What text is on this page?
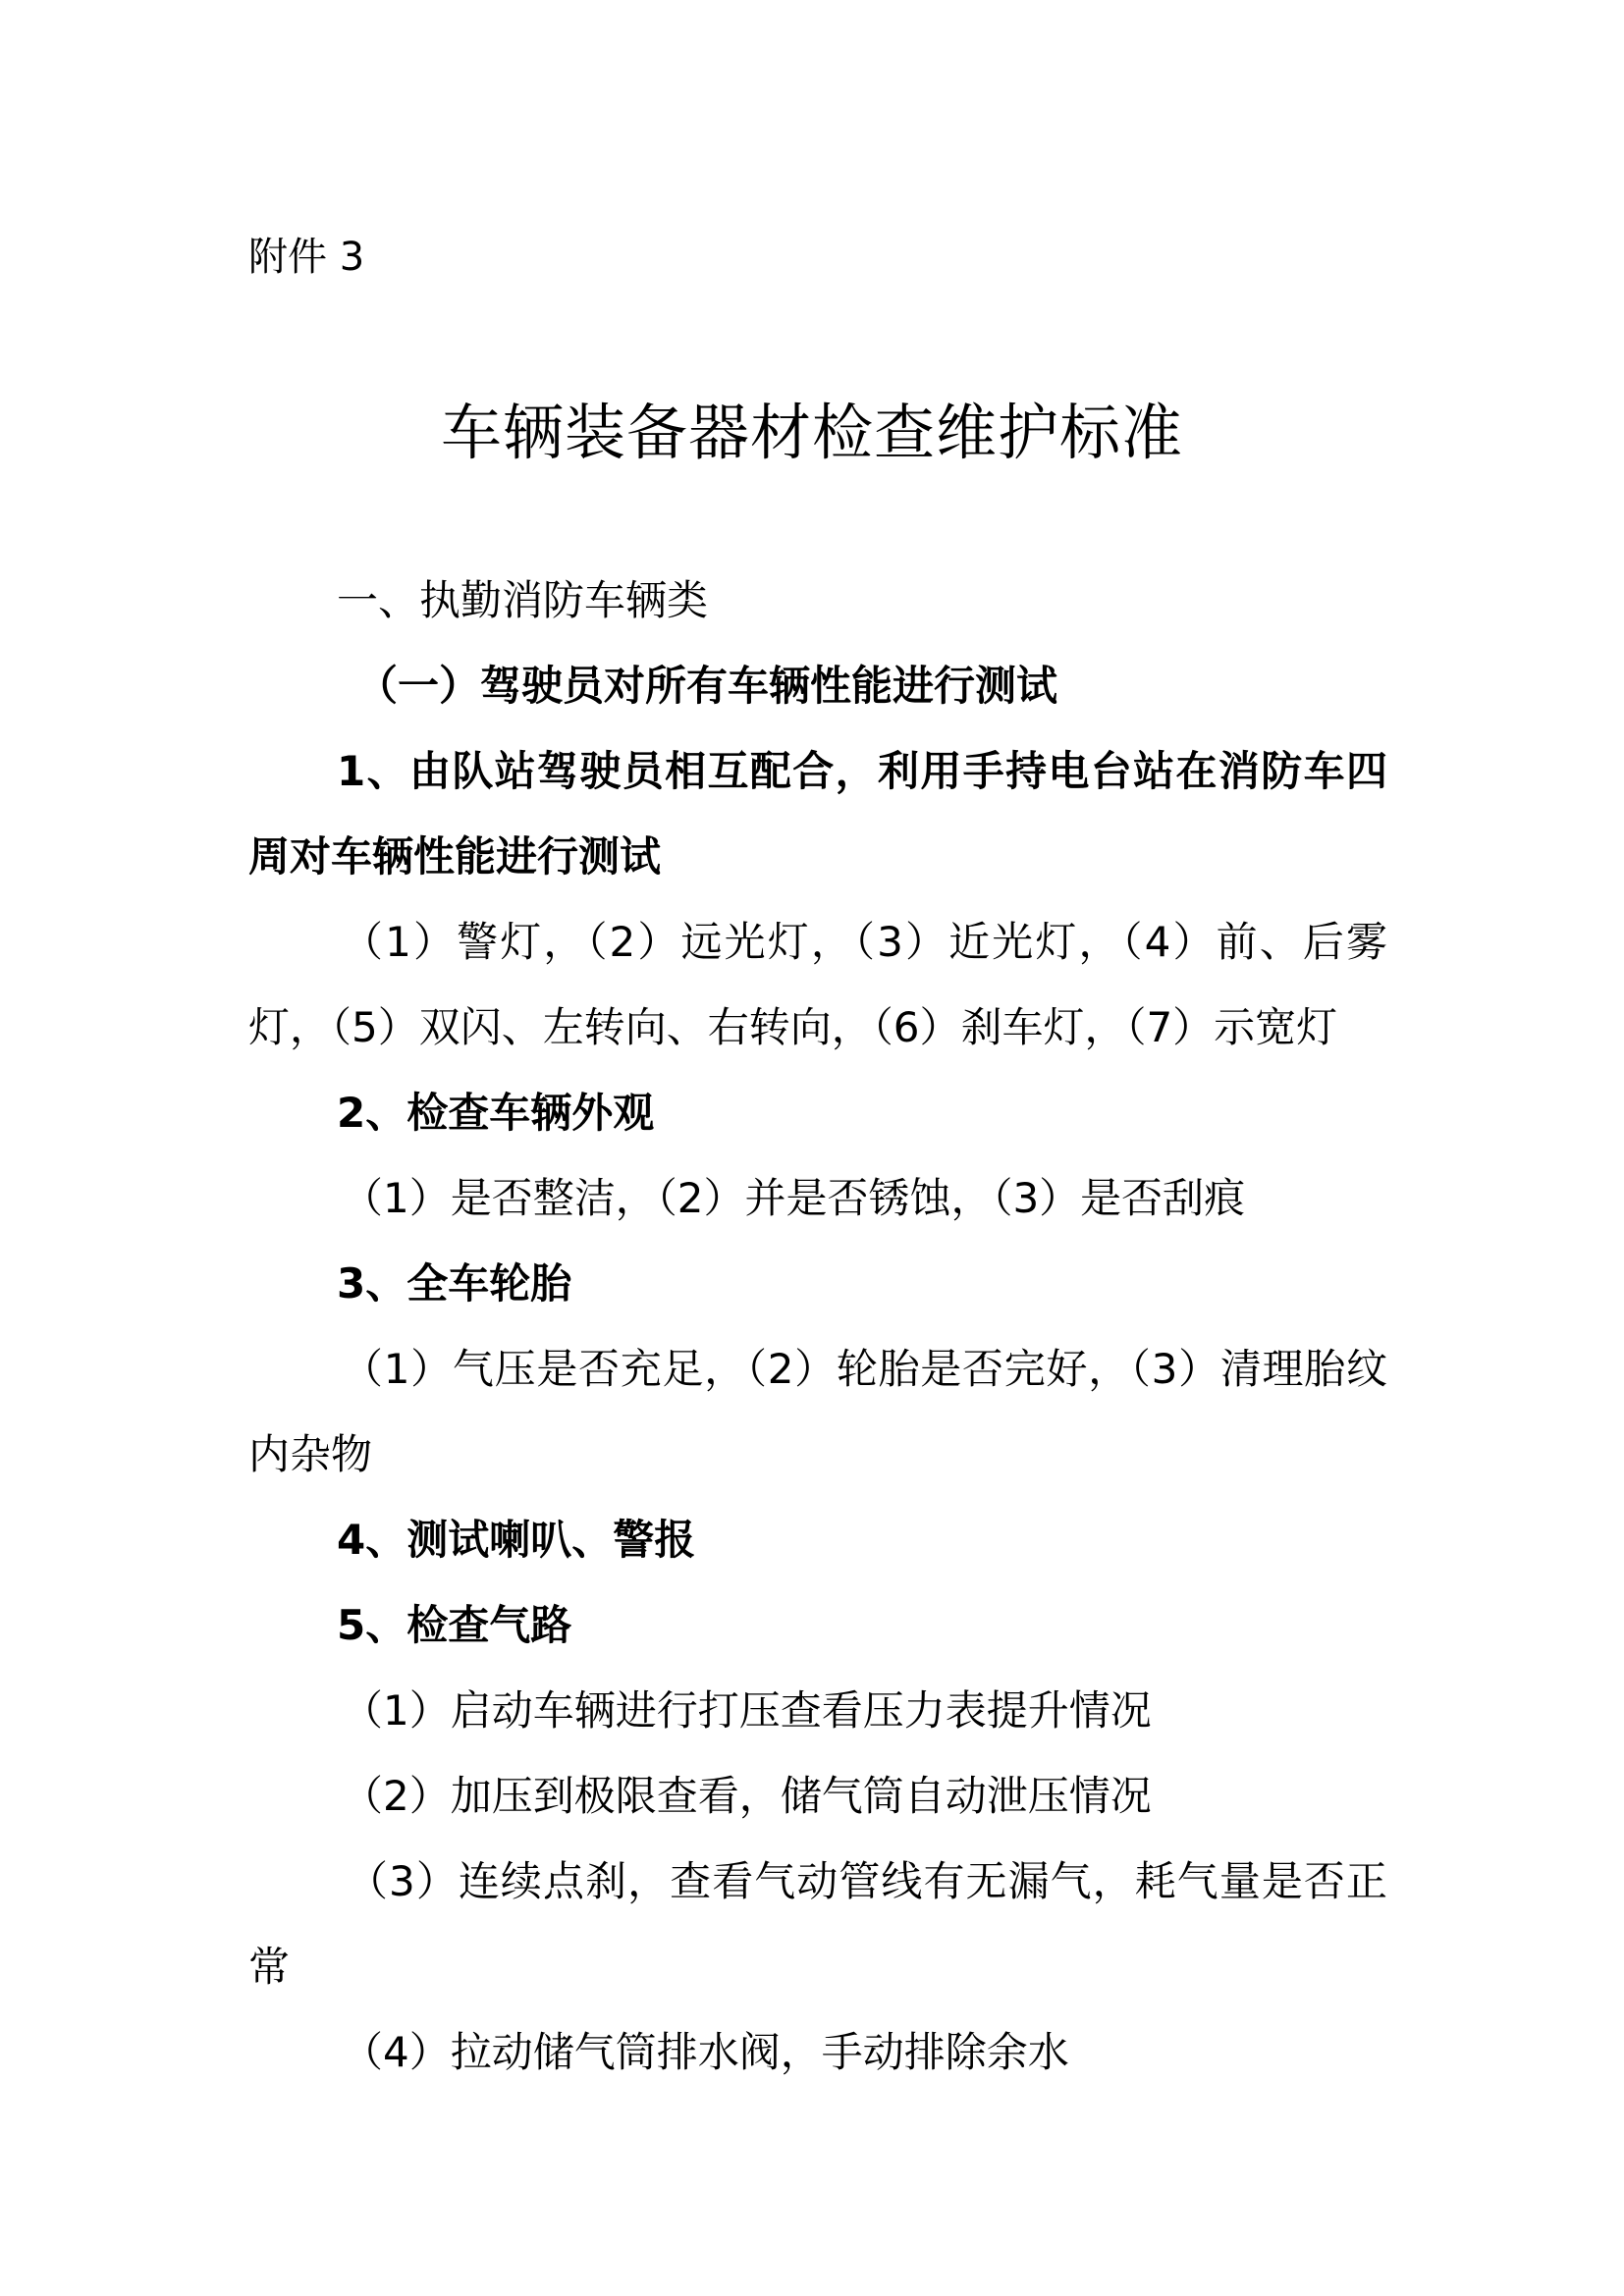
附件 3
车辆装备器材检查维护标准

一、执勤消防车辆类

（一）驾驶员对所有车辆性能进行测试

1、由队站驾驶员相互配合，利用手持电台站在消防车四周对车辆性能进行测试

（1）警灯，（2）远光灯，（3）近光灯，（4）前、后雾灯，（5）双闪、左转向、右转向，（6）刹车灯，（7）示宽灯

2、检查车辆外观

（1）是否整洁，（2）并是否锈蚀，（3）是否刮痕

3、全车轮胎

（1）气压是否充足，（2）轮胎是否完好，（3）清理胎纹内杂物

4、测试喇叭、警报

5、检查气路

（1）启动车辆进行打压查看压力表提升情况

（2）加压到极限查看，储气筒自动泄压情况

（3）连续点刹，查看气动管线有无漏气，耗气量是否正常

（4）拉动储气筒排水阀，手动排除余水
